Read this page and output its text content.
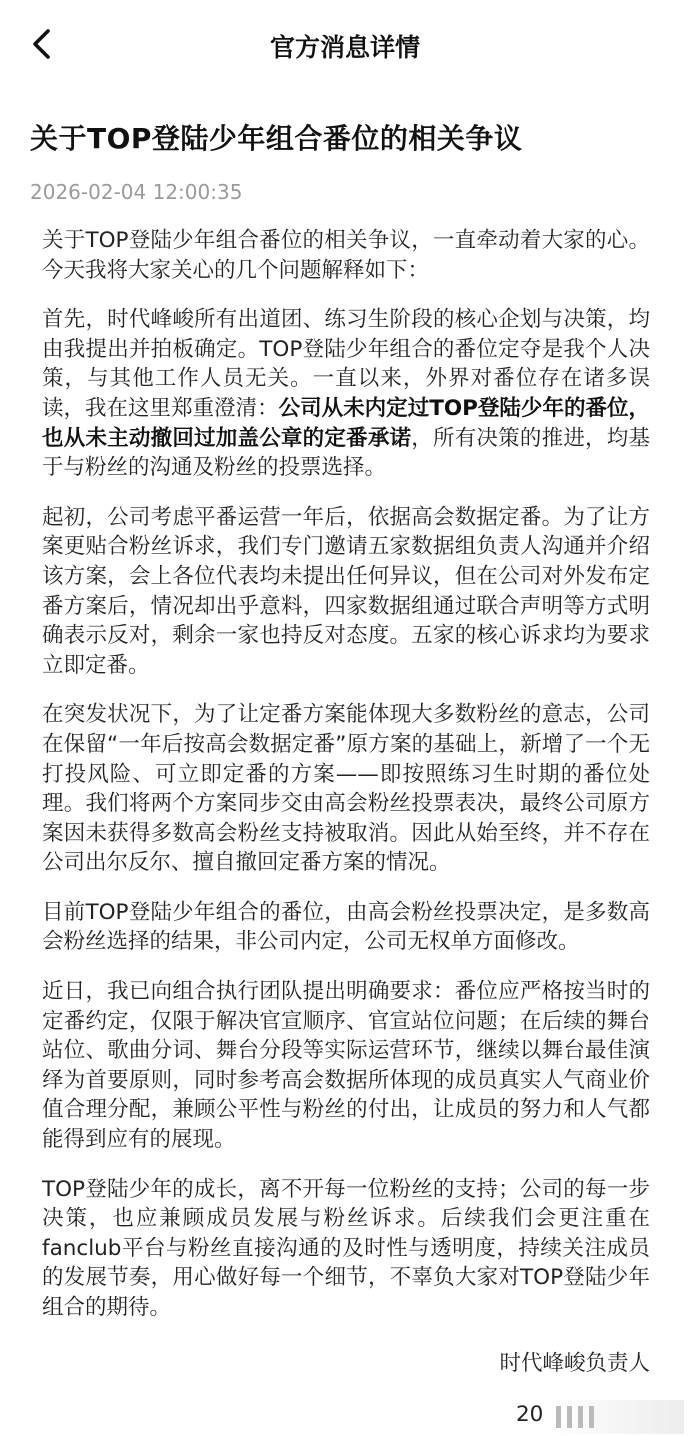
官方消息详情
关于TOP登陆少年组合番位的相关争议
2026-02-04 12:00:35

关于TOP登陆少年组合番位的相关争议，一直牵动着大家的心。今天我将大家关心的几个问题解释如下：

首先，时代峰峻所有出道团、练习生阶段的核心企划与决策，均由我提出并拍板确定。TOP登陆少年组合的番位定夺是我个人决策，与其他工作人员无关。一直以来，外界对番位存在诸多误读，我在这里郑重澄清：公司从未内定过TOP登陆少年的番位，也从未主动撤回过加盖公章的定番承诺，所有决策的推进，均基于与粉丝的沟通及粉丝的投票选择。

起初，公司考虑平番运营一年后，依据高会数据定番。为了让方案更贴合粉丝诉求，我们专门邀请五家数据组负责人沟通并介绍该方案，会上各位代表均未提出任何异议，但在公司对外发布定番方案后，情况却出乎意料，四家数据组通过联合声明等方式明确表示反对，剩余一家也持反对态度。五家的核心诉求均为要求立即定番。

在突发状况下，为了让定番方案能体现大多数粉丝的意志，公司在保留“一年后按高会数据定番”原方案的基础上，新增了一个无打投风险、可立即定番的方案——即按照练习生时期的番位处理。我们将两个方案同步交由高会粉丝投票表决，最终公司原方案因未获得多数高会粉丝支持被取消。因此从始至终，并不存在公司出尔反尔、擅自撤回定番方案的情况。

目前TOP登陆少年组合的番位，由高会粉丝投票决定，是多数高会粉丝选择的结果，非公司内定，公司无权单方面修改。

近日，我已向组合执行团队提出明确要求：番位应严格按当时的定番约定，仅限于解决官宣顺序、官宣站位问题；在后续的舞台站位、歌曲分词、舞台分段等实际运营环节，继续以舞台最佳演绎为首要原则，同时参考高会数据所体现的成员真实人气商业价值合理分配，兼顾公平性与粉丝的付出，让成员的努力和人气都能得到应有的展现。

TOP登陆少年的成长，离不开每一位粉丝的支持；公司的每一步决策，也应兼顾成员发展与粉丝诉求。后续我们会更注重在fanclub平台与粉丝直接沟通的及时性与透明度，持续关注成员的发展节奏，用心做好每一个细节，不辜负大家对TOP登陆少年组合的期待。

时代峰峻负责人
20
